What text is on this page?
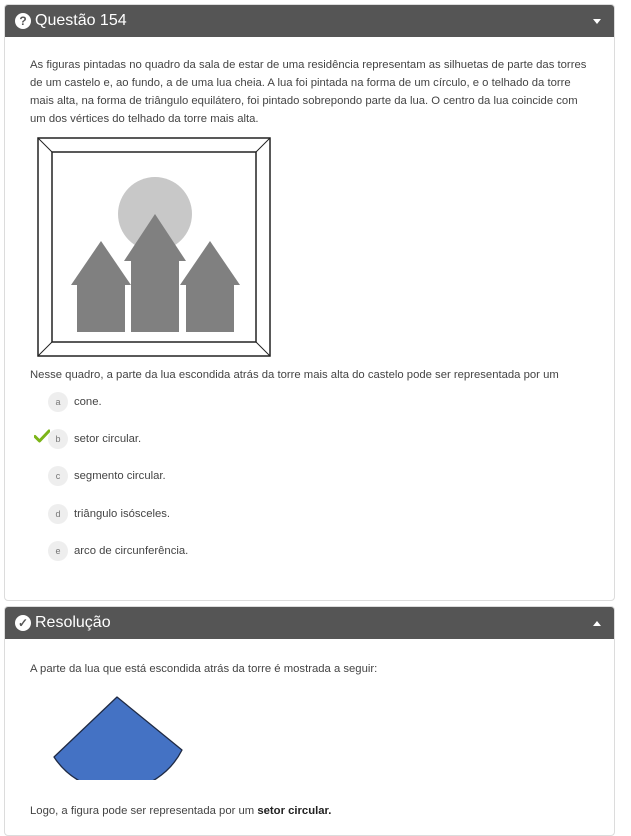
? Questão 154
As figuras pintadas no quadro da sala de estar de uma residência representam as silhuetas de parte das torres de um castelo e, ao fundo, a de uma lua cheia. A lua foi pintada na forma de um círculo, e o telhado da torre mais alta, na forma de triângulo equilátero, foi pintado sobrepondo parte da lua. O centro da lua coincide com um dos vértices do telhado da torre mais alta.
Nesse quadro, a parte da lua escondida atrás da torre mais alta do castelo pode ser representada por um
a	cone.
b	setor circular.
c	segmento circular.
d	triângulo isósceles.
e	arco de circunferência.
✓ Resolução
A parte da lua que está escondida atrás da torre é mostrada a seguir:
Logo, a figura pode ser representada por um setor circular.
